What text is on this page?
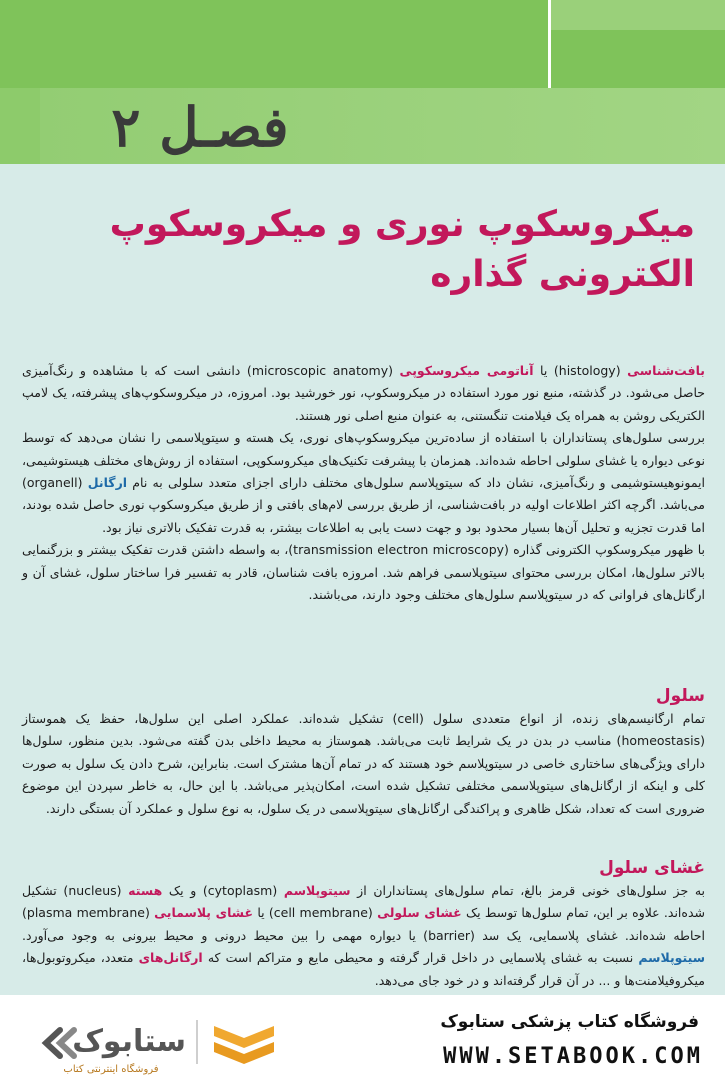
فصـل ۲
میکروسکوپ نوری و میکروسکوپ
الکترونی گذاره

بافت‌شناسی (histology) یا آناتومی میکروسکوپی (microscopic anatomy) دانشی است که با مشاهده و رنگ‌آمیزی حاصل می‌شود. در گذشته، منبع نور مورد استفاده در میکروسکوپ، نور خورشید بود. امروزه، در میکروسکوپ‌های پیشرفته، یک لامپ الکتریکی روشن به همراه یک فیلامنت تنگستنی، به عنوان منبع اصلی نور هستند.

بررسی سلول‌های پستانداران با استفاده از ساده‌ترین میکروسکوپ‌های نوری، یک هسته و سیتوپلاسمی را نشان می‌دهد که توسط نوعی دیواره یا غشای سلولی احاطه شده‌اند. همزمان با پیشرفت تکنیک‌های میکروسکوپی، استفاده از روش‌های مختلف هیستوشیمی، ایمونوهیستوشیمی و رنگ‌آمیزی، نشان داد که سیتوپلاسم سلول‌های مختلف دارای اجزای متعدد سلولی به نام ارگانل (organell) می‌باشد. اگرچه اکثر اطلاعات اولیه در بافت‌شناسی، از طریق بررسی لام‌های بافتی و از طریق میکروسکوپ نوری حاصل شده بودند، اما قدرت تجزیه و تحلیل آن‌ها بسیار محدود بود و جهت دست یابی به اطلاعات بیشتر، به قدرت تفکیک بالاتری نیاز بود.

با ظهور میکروسکوپ الکترونی گذاره (transmission electron microscopy)، به واسطه داشتن قدرت تفکیک بیشتر و بزرگنمایی بالاتر سلول‌ها، امکان بررسی محتوای سیتوپلاسمی فراهم شد. امروزه بافت شناسان، قادر به تفسیر فرا ساختار سلول، غشای آن و ارگانل‌های فراوانی که در سیتوپلاسم سلول‌های مختلف وجود دارند، می‌باشند.

سلول

تمام ارگانیسم‌های زنده، از انواع متعددی سلول (cell) تشکیل شده‌اند. عملکرد اصلی این سلول‌ها، حفظ یک هموستاز (homeostasis) مناسب در بدن در یک شرایط ثابت می‌باشد. هموستاز به محیط داخلی بدن گفته می‌شود. بدین منظور، سلول‌ها دارای ویژگی‌های ساختاری خاصی در سیتوپلاسم خود هستند که در تمام آن‌ها مشترک است. بنابراین، شرح دادن یک سلول به صورت کلی و اینکه از ارگانل‌های سیتوپلاسمی مختلفی تشکیل شده است، امکان‌پذیر می‌باشد. با این حال، به خاطر سپردن این موضوع ضروری است که تعداد، شکل ظاهری و پراکندگی ارگانل‌های سیتوپلاسمی در یک سلول، به نوع سلول و عملکرد آن بستگی دارند.

غشای سلول

به جز سلول‌های خونی قرمز بالغ، تمام سلول‌های پستانداران از سیتوپلاسم (cytoplasm) و یک هسته (nucleus) تشکیل شده‌اند. علاوه بر این، تمام سلول‌ها توسط یک غشای سلولی (cell membrane) یا غشای پلاسمایی (plasma membrane) احاطه شده‌اند. غشای پلاسمایی، یک سد (barrier) یا دیواره مهمی را بین محیط درونی و محیط بیرونی به وجود می‌آورد. سیتوپلاسم نسبت به غشای پلاسمایی در داخل قرار گرفته و محیطی مایع و متراکم است که ارگانل‌های متعدد، میکروتوبول‌ها، میکروفیلامنت‌ها و ... در آن قرار گرفته‌اند و در خود جای می‌دهد.

فروشگاه کتاب پزشکی ستابوک
WWW.SETABOOK.COM
ستابوک
فروشگاه اینترنتی کتاب
